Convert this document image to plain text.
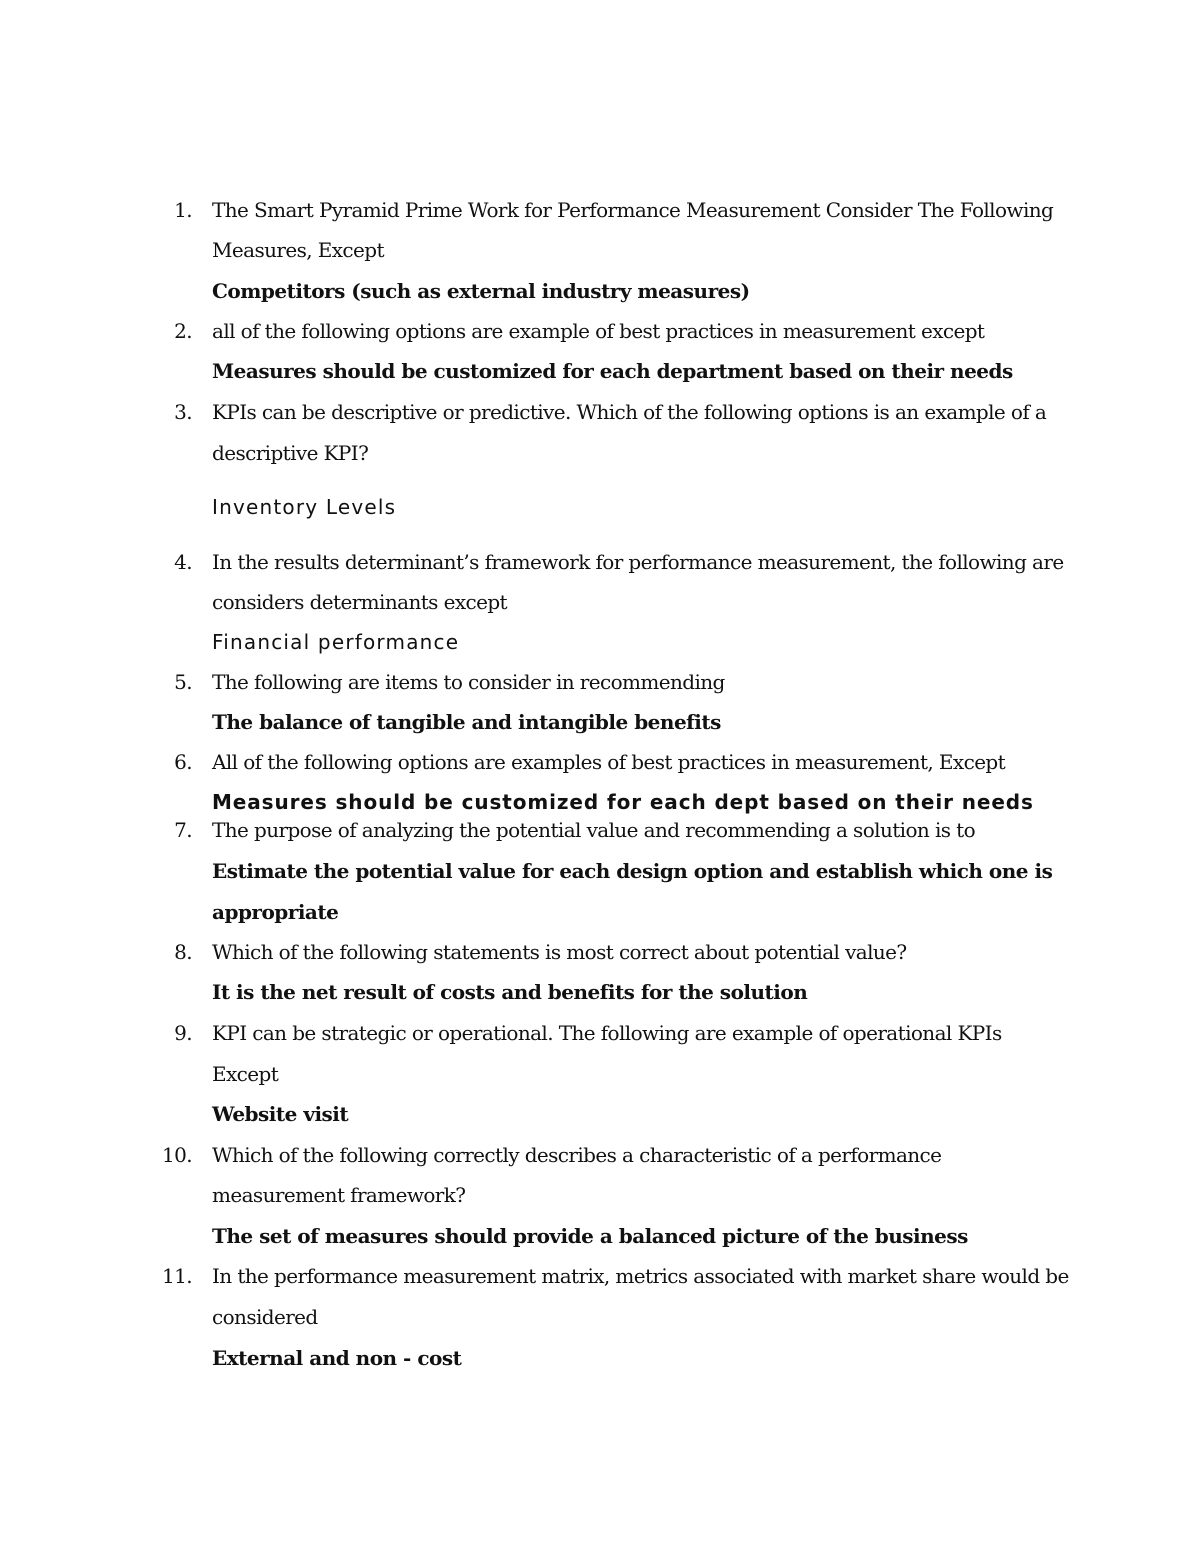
1. The Smart Pyramid Prime Work for Performance Measurement Consider The Following
Measures, Except
Competitors (such as external industry measures)
2. all of the following options are example of best practices in measurement except
Measures should be customized for each department based on their needs
3. KPIs can be descriptive or predictive. Which of the following options is an example of a
descriptive KPI?
Inventory Levels
4. In the results determinant’s framework for performance measurement, the following are
considers determinants except
Financial performance
5. The following are items to consider in recommending
The balance of tangible and intangible benefits
6. All of the following options are examples of best practices in measurement, Except
Measures should be customized for each dept based on their needs
7. The purpose of analyzing the potential value and recommending a solution is to
Estimate the potential value for each design option and establish which one is
appropriate
8. Which of the following statements is most correct about potential value?
It is the net result of costs and benefits for the solution
9. KPI can be strategic or operational. The following are example of operational KPIs
Except
Website visit
10. Which of the following correctly describes a characteristic of a performance
measurement framework?
The set of measures should provide a balanced picture of the business
11. In the performance measurement matrix, metrics associated with market share would be
considered
External and non - cost
